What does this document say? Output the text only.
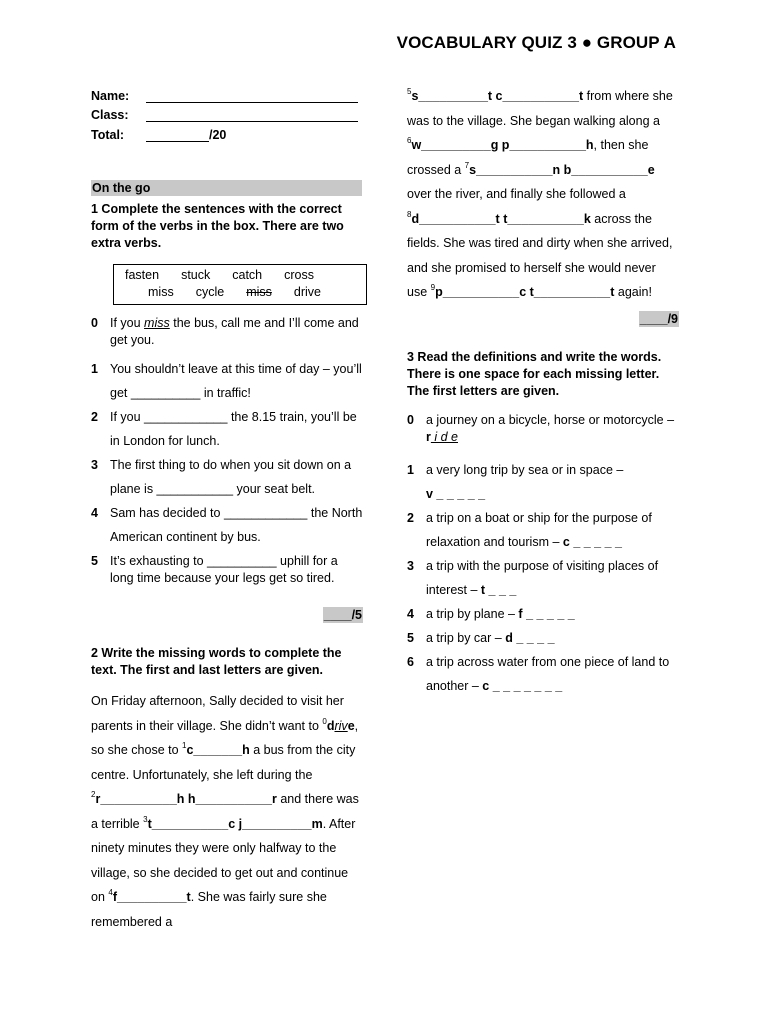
VOCABULARY QUIZ 3 ● GROUP A
Name:
Class:
Total:	/20
On the go
1 Complete the sentences with the correct form of the verbs in the box. There are two extra verbs.
fasten stuck catch cross
miss cycle miss drive
0 If you miss the bus, call me and I’ll come and get you.
1 You shouldn’t leave at this time of day – you’ll get __________ in traffic!
2 If you ____________ the 8.15 train, you’ll be in London for lunch.
3 The first thing to do when you sit down on a plane is ___________ your seat belt.
4 Sam has decided to ____________ the North American continent by bus.
5 It’s exhausting to __________ uphill for a long time because your legs get so tired.
____/5
2 Write the missing words to complete the text. The first and last letters are given.
On Friday afternoon, Sally decided to visit her parents in their village. She didn’t want to $^0$drive, so she chose to $^1$c_______h a bus from the city centre. Unfortunately, she left during the $^2$r___________h h___________r and there was a terrible $^3$t___________c j__________m. After ninety minutes they were only halfway to the village, so she decided to get out and continue on $^4$f__________t. She was fairly sure she remembered a
$^5$s__________t c___________t from where she was to the village. She began walking along a $^6$w__________g p___________h, then she crossed a $^7$s___________n b___________e over the river, and finally she followed a $^8$d___________t t___________k across the fields. She was tired and dirty when she arrived, and she promised to herself she would never use $^9$p___________c t___________t again!
____/9
3 Read the definitions and write the words. There is one space for each missing letter. The first letters are given.
0 a journey on a bicycle, horse or motorcycle – r i d e
1 a very long trip by sea or in space –
v _ _ _ _ _
2 a trip on a boat or ship for the purpose of relaxation and tourism – c _ _ _ _ _
3 a trip with the purpose of visiting places of interest – t _ _ _
4 a trip by plane – f _ _ _ _ _
5 a trip by car – d _ _ _ _
6 a trip across water from one piece of land to another – c _ _ _ _ _ _ _
